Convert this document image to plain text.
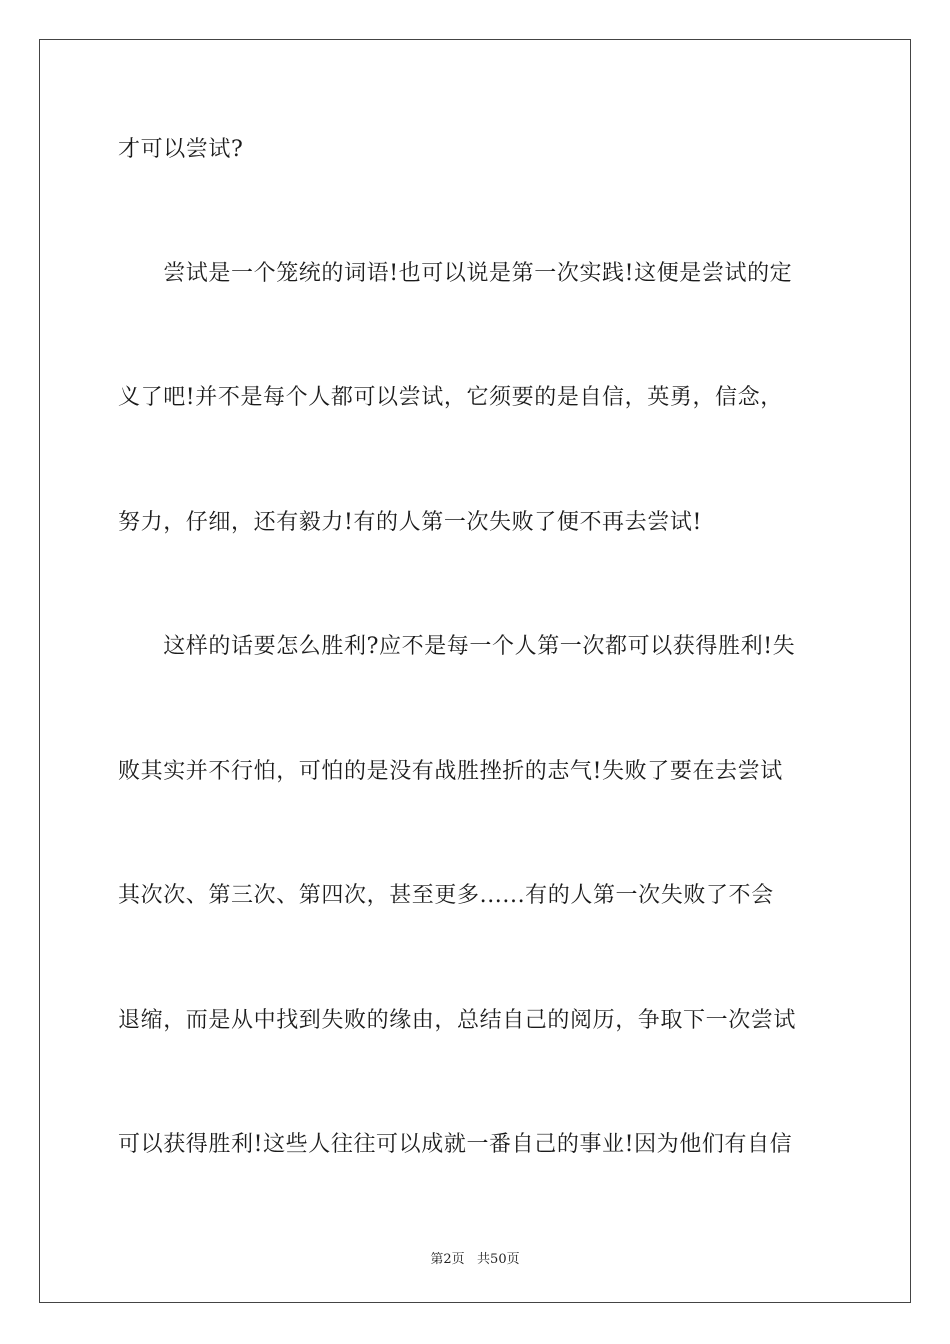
才可以尝试?
　　尝试是一个笼统的词语!也可以说是第一次实践!这便是尝试的定
义了吧!并不是每个人都可以尝试，它须要的是自信，英勇，信念，
努力，仔细，还有毅力!有的人第一次失败了便不再去尝试!
　　这样的话要怎么胜利?应不是每一个人第一次都可以获得胜利!失
败其实并不行怕，可怕的是没有战胜挫折的志气!失败了要在去尝试
其次次、第三次、第四次，甚至更多......有的人第一次失败了不会
退缩，而是从中找到失败的缘由，总结自己的阅历，争取下一次尝试
可以获得胜利!这些人往往可以成就一番自己的事业!因为他们有自信
第2页   共50页
